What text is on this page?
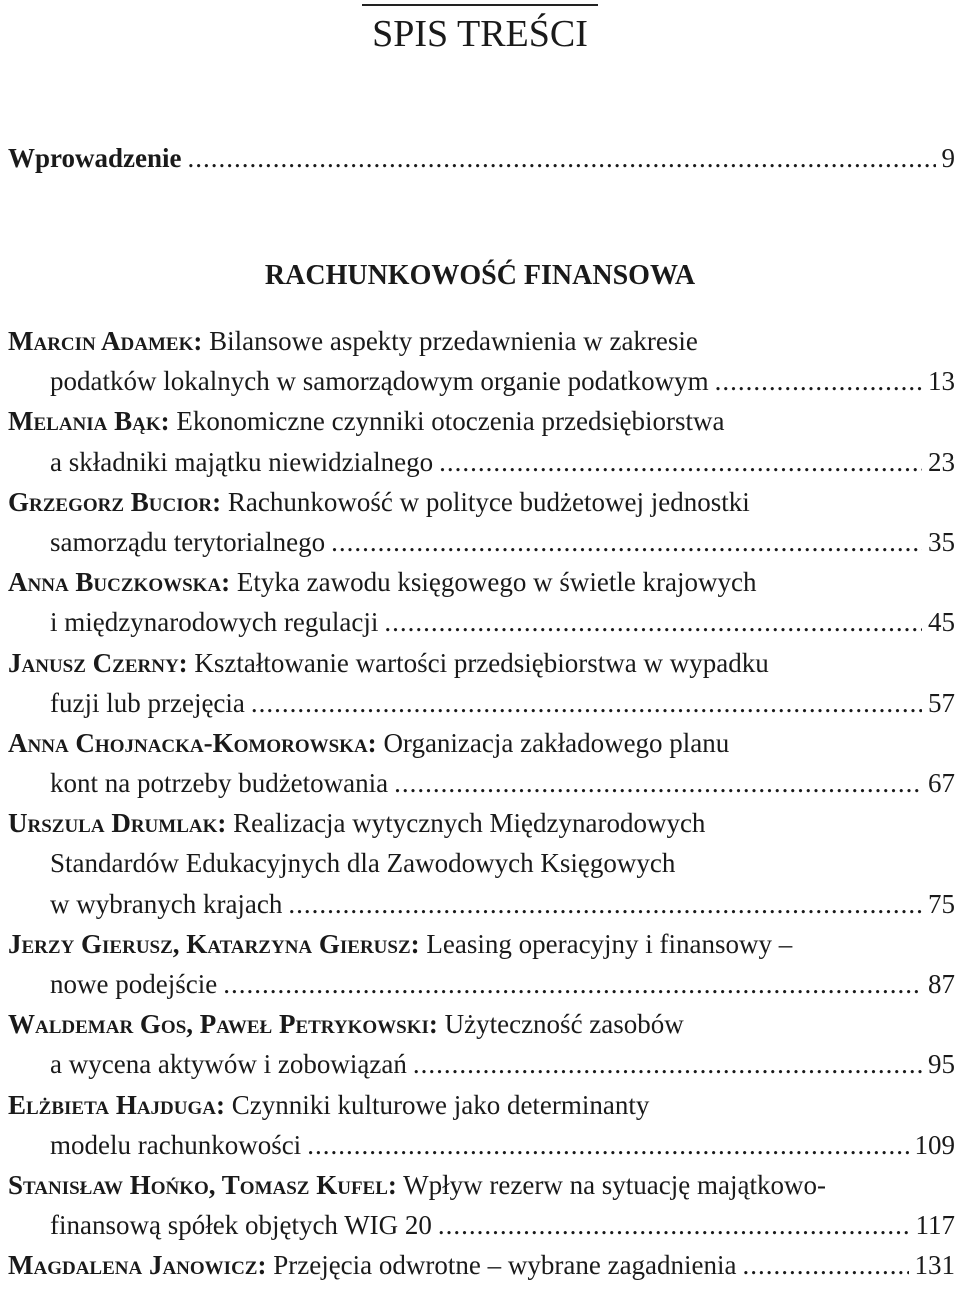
SPIS TREŚCI
Wprowadzenie .....	9
RACHUNKOWOŚĆ FINANSOWA
Marcin Adamek: Bilansowe aspekty przedawnienia w zakresie
podatków lokalnych w samorządowym organie podatkowym .....	13
Melania Bąk: Ekonomiczne czynniki otoczenia przedsiębiorstwa
a składniki majątku niewidzialnego .....	23
Grzegorz Bucior: Rachunkowość w polityce budżetowej jednostki
samorządu terytorialnego .....	35
Anna Buczkowska: Etyka zawodu księgowego w świetle krajowych
i międzynarodowych regulacji .....	45
Janusz Czerny: Kształtowanie wartości przedsiębiorstwa w wypadku
fuzji lub przejęcia .....	57
Anna Chojnacka-Komorowska: Organizacja zakładowego planu
kont na potrzeby budżetowania .....	67
Urszula Drumlak: Realizacja wytycznych Międzynarodowych
Standardów Edukacyjnych dla Zawodowych Księgowych
w wybranych krajach .....	75
Jerzy Gierusz, Katarzyna Gierusz: Leasing operacyjny i finansowy –
nowe podejście .....	87
Waldemar Gos, Paweł Petrykowski: Użyteczność zasobów
a wycena aktywów i zobowiązań .....	95
Elżbieta Hajduga: Czynniki kulturowe jako determinanty
modelu rachunkowości .....	109
Stanisław Hońko, Tomasz Kufel: Wpływ rezerw na sytuację majątkowo-
finansową spółek objętych WIG 20 .....	117
Magdalena Janowicz: Przejęcia odwrotne – wybrane zagadnienia .....	131
